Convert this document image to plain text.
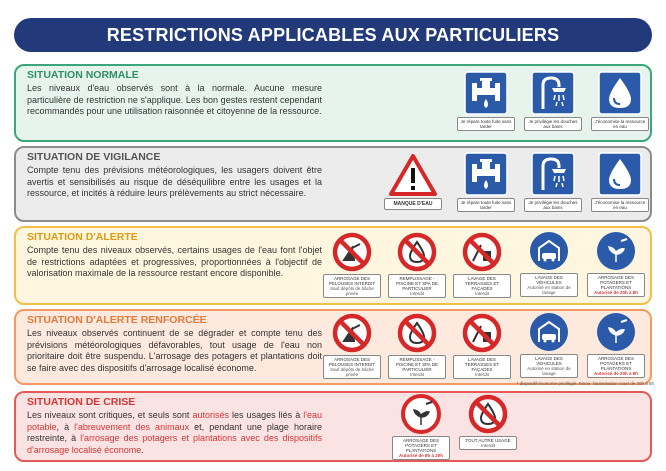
RESTRICTIONS APPLICABLES AUX PARTICULIERS
SITUATION NORMALE
Les niveaux d'eau observés sont à la normale. Aucune mesure particulière de restriction ne s'applique. Les bon gestes restent cependant recommandés pour une utilisation raisonnée et citoyenne de la ressource.
Je répare toute fuite sans tarder
Je privilégie les douches aux bains
J'économise la ressource en eau
SITUATION DE VIGILANCE
Compte tenu des prévisions météorologiques, les usagers doivent être avertis et sensibilisés au risque de déséquilibre entre les usages et la ressource, et incités à réduire leurs prélèvements au strict nécessaire.
MANQUE D'EAU	Je répare toute fuite sans tarder
Je privilégie les douches aux bains
J'économise la ressource en eau
SITUATION D'ALERTE
Compte tenu des niveaux observés, certains usages de l'eau font l'objet de restrictions adaptées et progressives, proportionnées à l'objectif de valorisation maximale de la ressource restant encore disponible.
ARROSAGE DES PELOUSES INTERDIT
Sauf dépôts de bâche privée
REMPLISSAGE - PISCINE ET SPA DE PARTICULIER
Interdit
LAVAGE DES TERRASSES ET FAÇADES
Interdit
LAVAGE DES VÉHICULES
Autorisé en station de lavage
ARROSAGE DES POTAGERS ET PLANTATIONS
Autorisé de 20h à 8h
SITUATION D'ALERTE RENFORCÉE
Les niveaux observés continuent de se dégrader et compte tenu des prévisions météorologiques défavorables, tout usage de l'eau non prioritaire doit être suspendu. L'arrosage des potagers et plantations doit se faire avec des dispositifs d'arrosage localisé économe.
ARROSAGE DES PELOUSES INTERDIT
Sauf dépôts de bâche privée
REMPLISSAGE - PISCINE ET SPA DE PARTICULIER
Interdit
LAVAGE DES TERRASSES ET FAÇADES
Interdit
LAVAGE DES VÉHICULES
Autorisé en station de lavage
ARROSAGE DES POTAGERS ET PLANTATIONS
Autorisé de 20h à 8h
* dispositif économe privilégié. Sinon, l'autorisation court de 20h à 8h
SITUATION DE CRISE
Les niveaux sont critiques, et seuls sont autorisés les usages liés à l'eau potable, à l'abreuvement des animaux et, pendant une plage horaire restreinte, à l'arrosage des potagers et plantations avec des dispositifs d'arrosage localisé économe.
ARROSAGE DES POTAGERS ET PLANTATIONS
Autorisé de 8h à 20h
TOUT AUTRE USAGE
Interdit
